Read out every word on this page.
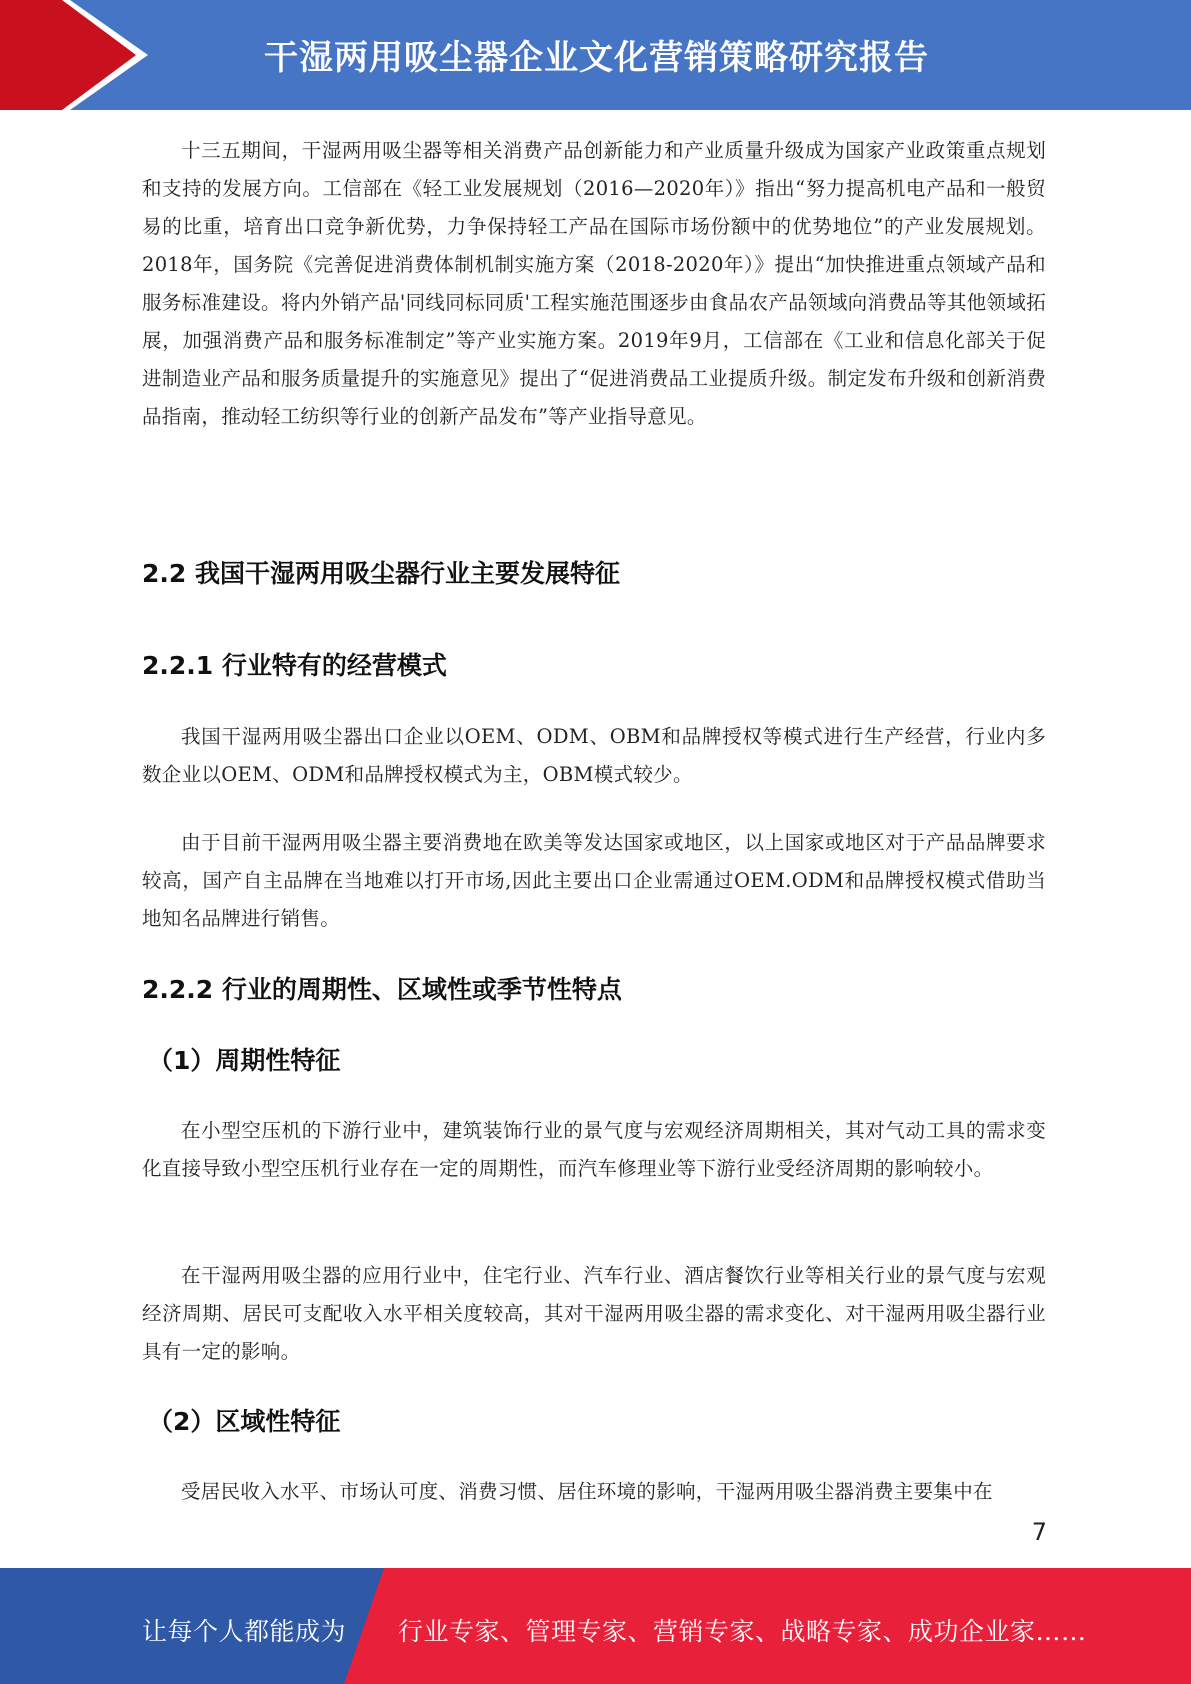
干湿两用吸尘器企业文化营销策略研究报告

十三五期间，干湿两用吸尘器等相关消费产品创新能力和产业质量升级成为国家产业政策重点规划和支持的发展方向。工信部在《轻工业发展规划（2016—2020年）》指出“努力提高机电产品和一般贸易的比重，培育出口竞争新优势，力争保持轻工产品在国际市场份额中的优势地位”的产业发展规划。2018年，国务院《完善促进消费体制机制实施方案（2018-2020年）》提出“加快推进重点领域产品和服务标准建设。将内外销产品'同线同标同质'工程实施范围逐步由食品农产品领域向消费品等其他领域拓展，加强消费产品和服务标准制定”等产业实施方案。2019年9月，工信部在《工业和信息化部关于促进制造业产品和服务质量提升的实施意见》提出了“促进消费品工业提质升级。制定发布升级和创新消费品指南，推动轻工纺织等行业的创新产品发布”等产业指导意见。

2.2 我国干湿两用吸尘器行业主要发展特征
2.2.1 行业特有的经营模式

我国干湿两用吸尘器出口企业以OEM、ODM、OBM和品牌授权等模式进行生产经营，行业内多数企业以OEM、ODM和品牌授权模式为主，OBM模式较少。

由于目前干湿两用吸尘器主要消费地在欧美等发达国家或地区，以上国家或地区对于产品品牌要求较高，国产自主品牌在当地难以打开市场,因此主要出口企业需通过OEM.ODM和品牌授权模式借助当地知名品牌进行销售。

2.2.2 行业的周期性、区域性或季节性特点
（1）周期性特征

在小型空压机的下游行业中，建筑装饰行业的景气度与宏观经济周期相关，其对气动工具的需求变化直接导致小型空压机行业存在一定的周期性，而汽车修理业等下游行业受经济周期的影响较小。

在干湿两用吸尘器的应用行业中，住宅行业、汽车行业、酒店餐饮行业等相关行业的景气度与宏观经济周期、居民可支配收入水平相关度较高，其对干湿两用吸尘器的需求变化、对干湿两用吸尘器行业具有一定的影响。

（2）区域性特征

受居民收入水平、市场认可度、消费习惯、居住环境的影响，干湿两用吸尘器消费主要集中在

7
让每个人都能成为 行业专家、管理专家、营销专家、战略专家、成功企业家……
